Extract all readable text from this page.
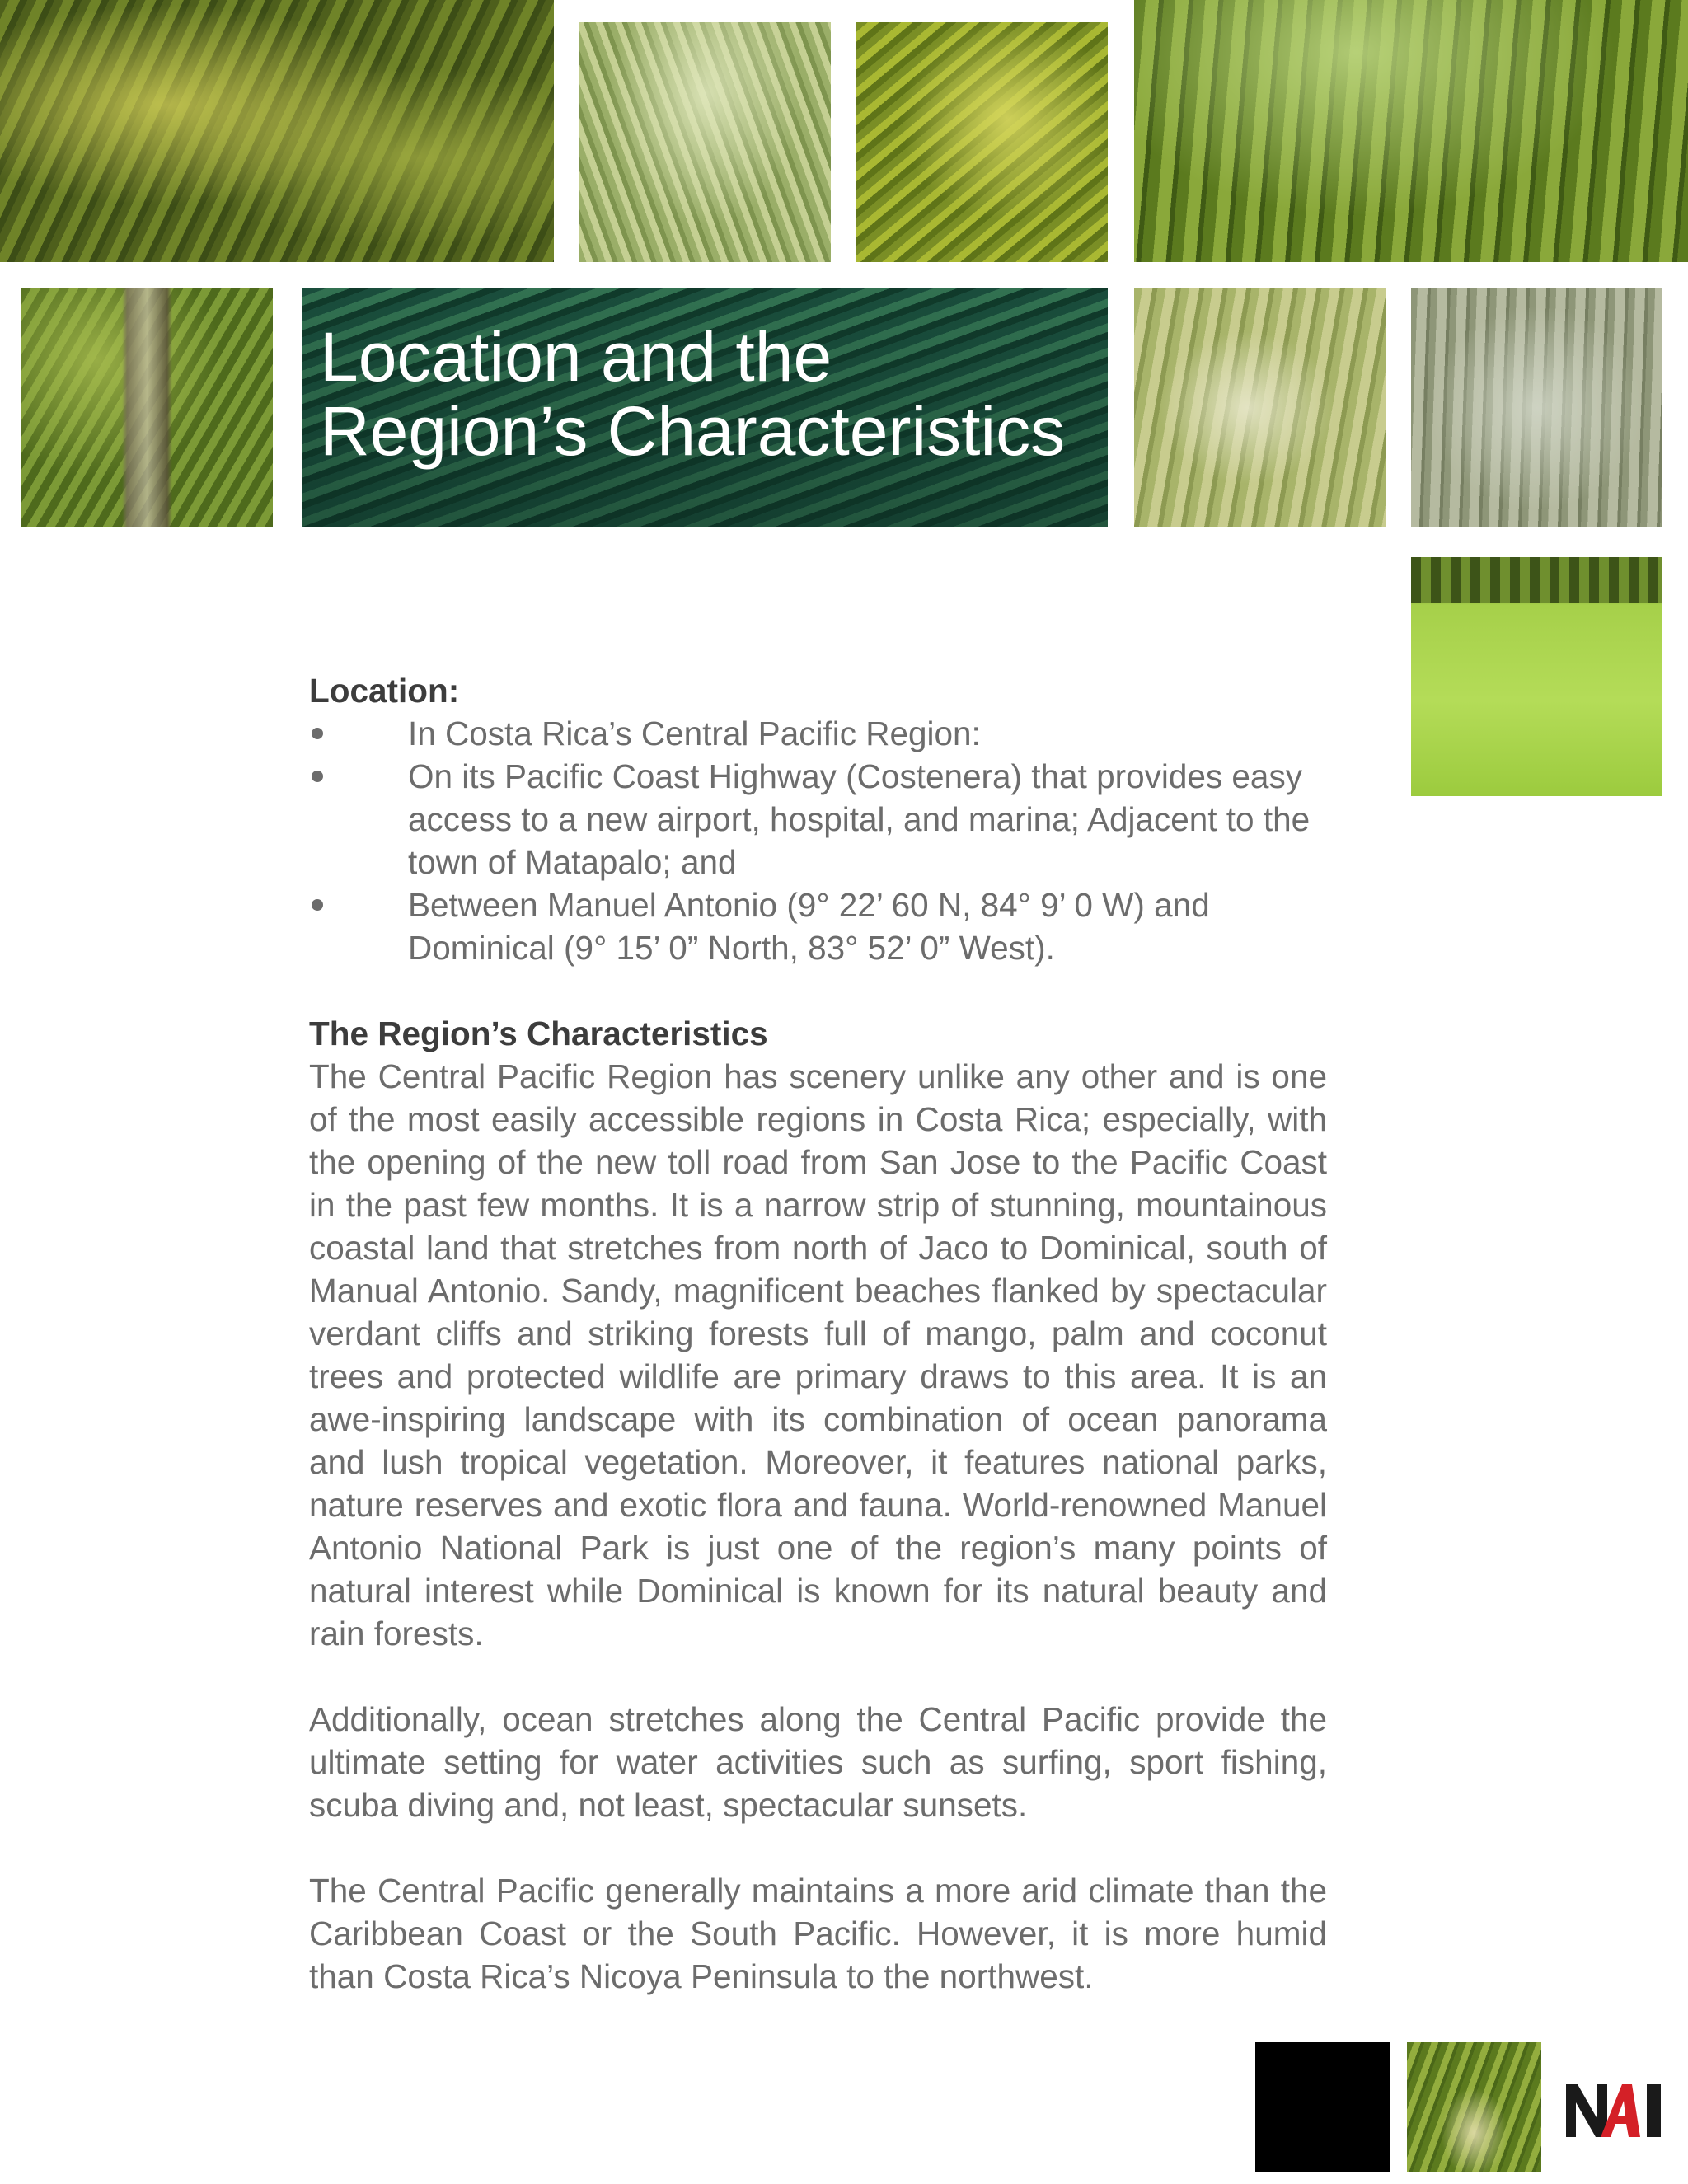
Location and the
Region’s Characteristics
Location:
In Costa Rica’s Central Pacific Region:
On its Pacific Coast Highway (Costenera) that provides easy access to a new airport, hospital, and marina; Adjacent to the town of Matapalo; and
Between Manuel Antonio (9° 22’ 60 N, 84° 9’ 0 W) and Dominical (9° 15’ 0” North, 83° 52’ 0” West).
The Region’s Characteristics

The Central Pacific Region has scenery unlike any other and is one of the most easily accessible regions in Costa Rica; especially, with the opening of the new toll road from San Jose to the Pacific Coast in the past few months. It is a narrow strip of stunning, mountainous coastal land that stretches from north of Jaco to Dominical, south of Manual Antonio. Sandy, magnificent beaches flanked by spectacular verdant cliffs and striking forests full of mango, palm and coconut trees and protected wildlife are primary draws to this area. It is an awe-inspiring landscape with its combination of ocean panorama and lush tropical vegetation. Moreover, it features national parks, nature reserves and exotic flora and fauna. World-renowned Manuel Antonio National Park is just one of the region’s many points of natural interest while Dominical is known for its natural beauty and rain forests.

Additionally, ocean stretches along the Central Pacific provide the ultimate setting for water activities such as surfing, sport fishing, scuba diving and, not least, spectacular sunsets.

The Central Pacific generally maintains a more arid climate than the Caribbean Coast or the South Pacific. However, it is more humid than Costa Rica’s Nicoya Peninsula to the northwest.
